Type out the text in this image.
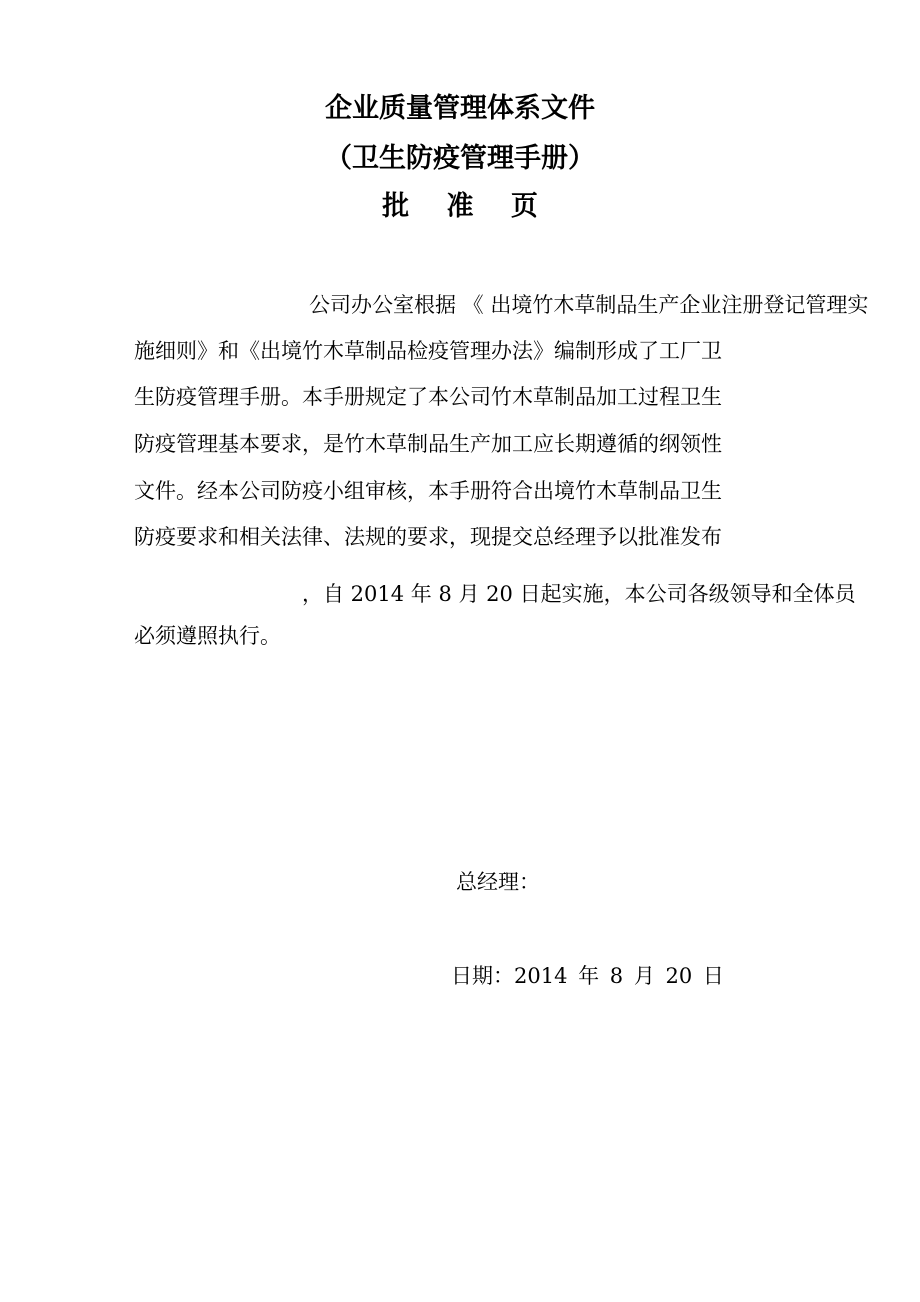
企业质量管理体系文件
（卫生防疫管理手册）
批 准 页
公司办公室根据 《 出境竹木草制品生产企业注册登记管理实
施细则》和《出境竹木草制品检疫管理办法》编制形成了工厂卫
生防疫管理手册。本手册规定了本公司竹木草制品加工过程卫生
防疫管理基本要求，是竹木草制品生产加工应长期遵循的纲领性
文件。经本公司防疫小组审核，本手册符合出境竹木草制品卫生
防疫要求和相关法律、法规的要求，现提交总经理予以批准发布
，自 2014 年 8 月 20 日起实施，本公司各级领导和全体员
必须遵照执行。
总经理：
日期：2014 年 8 月 20 日
